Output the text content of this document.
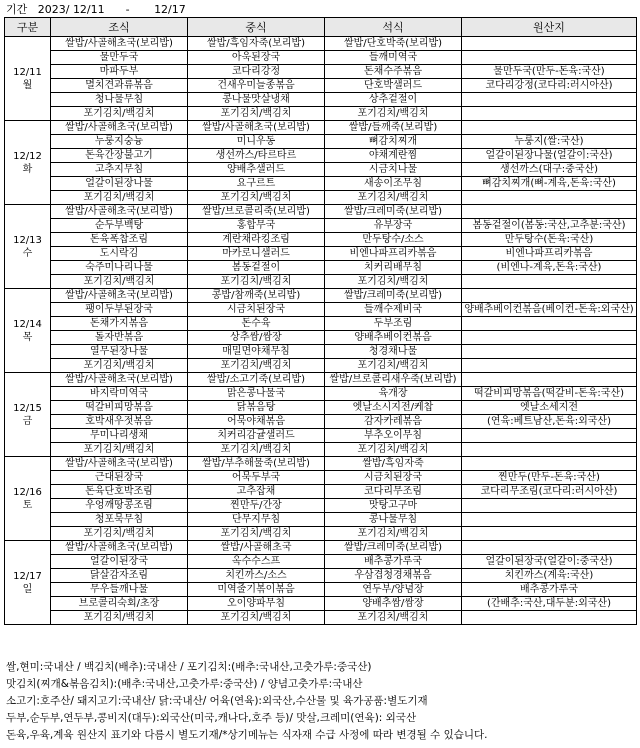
기간   2023/ 12/11      -       12/17
구분	조식	중식	석식	원산지

12/11
월	쌀밥/사골해초국(보리밥)	쌀밥/흑임자죽(보리밥)	쌀밥/단호박죽(보리밥)	
	물만두국	아욱된장국	들깨미역국	
	마파두부	코다리강정	돈채수주볶음	물만두국(만두-돈육:국산)
	멸치견과류볶음	건새우미늘종볶음	단호박샐러드	코다리강정(코다리:러시아산)
	청나물무침	콩나물맛살냉채	상추겉절이	
	포기김치/백김치	포기김치/백김치	포기김치/백김치	

12/12
화	쌀밥/사골해초국(보리밥)	쌀밥/사골해초국(보리밥)	쌀밥/들깨죽(보리밥)	
	누룽지숭늉	미니우동	뼈감치찌개	누룽지(쌀:국산)
	돈육간장불고기	생선까스/타르타르	야채계란찜	얼갈이된장나물(얼갈이:국산)
	고추지무침	양배추샐러드	시금치나물	생선까스(대구:중국산)
	얼갈이된장나물	요구르트	새송이조무침	뼈감치찌개(뼈-계육,돈육:국산)
	포기김치/백김치	포기김치/백김치	포기김치/백김치	

12/13
수	쌀밥/사골해초국(보리밥)	쌀밥/브로콜리죽(보리밥)	쌀밥/크레미죽(보리밥)	
	순두부백탕	홍합무국	유부장국	봄동겉절이(봄동:국산,고추분:국산)
	돈육폭찹조림	계란채라킹조림	만두탕수/소스	만두탕수(돈육:국산)
	도시락김	마카로니샐러드	비엔나파프리카볶음	비엔나파프리카볶음
	숙주미나리나물	봄동겉절이	치커리배무침	(비엔나-계육,돈육:국산)
	포기김치/백김치	포기김치/백김치	포기김치/백김치	

12/14
목	쌀밥/사골해초국(보리밥)	콩밥/참깨죽(보리밥)	쌀밥/크레미죽(보리밥)	
	팽이두부된장국	시금치된장국	들깨수제비국	양배추베이컨볶음(베이컨-돈육:외국산)
	돈채가지볶음	돈수육	두부조림	
	돌자반볶음	상추쌈/쌈장	양배추베이컨볶음	
	열무된장나물	매밀면야채무침	청경채나물	
	포기김치/백김치	포기김치/백김치	포기김치/백김치	

12/15
금	쌀밥/사골해초국(보리밥)	쌀밥/소고기죽(보리밥)	쌀밥/브로콜리새우죽(보리밥)	
	바지락미역국	맑은콩나물국	육개장	떡갈비피망볶음(떡갈비-돈육:국산)
	떡갈비피망볶음	닭볶음탕	엣날소시지전/케찹	엣날소세지전
	호박새우젓볶음	어묵야채볶음	감자카레볶음	(연육:베트남산,돈육:외국산)
	무미나리생채	치커리감귤샐러드	부추오이무침	
	포기김치/백김치	포기김치/백김치	포기김치/백김치	

12/16
토	쌀밥/사골해초국(보리밥)	쌀밥/부추해물죽(보리밥)	쌀밥/흑임자죽	
	근대된장국	어묵두부국	시금치된장국	찐만두(만두-돈육:국산)
	돈육단호박조림	고추잡채	코다리무조림	코다리무조림(코다리:러시아산)
	우엉깨땅콩조림	찐만두/간장	맛탕고구마	
	청포묵무침	단무지무침	콩나물무침	
	포기김치/백김치	포기김치/백김치	포기김치/백김치	

12/17
일	쌀밥/사골해초국(보리밥)	쌀밥/사골해초국	쌀밥/크레미죽(보리밥)	
	얼갈이된장국	옥수수스프	배추콩가루국	얼갈이된장국(얼갈이:중국산)
	닭살감자조림	치킨까스/소스	우삼겹청경채볶음	치킨까스(계육:국산)
	무우들깨나물	미역줄기볶이볶음	연두부/양념장	배추콩가루국
	브로콜리숙회/초장	오이양파무침	양배추쌈/쌈장	(간배추:국산,대두분:외국산)
	포기김치/백김치	포기김치/백김치	포기김치/백김치	
쌀,현미:국내산 / 백김치(배추):국내산 / 포기김치:(배추:국내산,고춧가루:중국산)
맛김치(찌개&볶음김치):(배추:국내산,고춧가루:중국산) / 양념고춧가루:국내산
소고기:호주산/ 돼지고기:국내산/ 닭:국내산/ 어육(연육):외국산,수산물 및 육가공품:별도기재
두부,순두부,연두부,콩비지(대두):외국산(미국,캐나다,호주 등)/ 맛살,크레미(연육): 외국산
돈육,우육,계육 원산지 표기와 다름시 별도기재/*상기메뉴는 식자재 수급 사정에 따라 변경될 수 있습니다.
